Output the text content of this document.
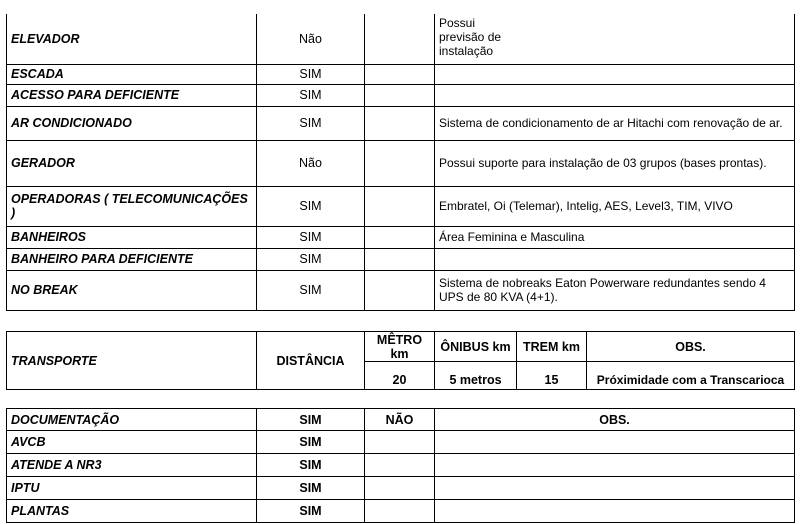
ELEVADOR	Não		Possui
previsão de
instalação
ESCADA	SIM		
ACESSO PARA DEFICIENTE	SIM		
AR CONDICIONADO	SIM		Sistema de condicionamento de ar Hitachi com renovação de ar.
GERADOR	Não		Possui suporte para instalação de 03 grupos (bases prontas).
OPERADORAS ( TELECOMUNICAÇÕES )	SIM		Embratel, Oi (Telemar), Intelig, AES, Level3, TIM, VIVO
BANHEIROS	SIM		Área Feminina e Masculina
BANHEIRO PARA DEFICIENTE	SIM		
NO BREAK	SIM		Sistema de nobreaks Eaton Powerware redundantes sendo 4 UPS de 80 KVA (4+1).
TRANSPORTE	DISTÂNCIA	MÊTRO km	ÔNIBUS km	TREM km	OBS.
		20	5 metros	15	Próximidade com a Transcarioca
DOCUMENTAÇÃO	SIM	NÃO	OBS.
AVCB	SIM		
ATENDE A NR3	SIM		
IPTU	SIM		
PLANTAS	SIM		
